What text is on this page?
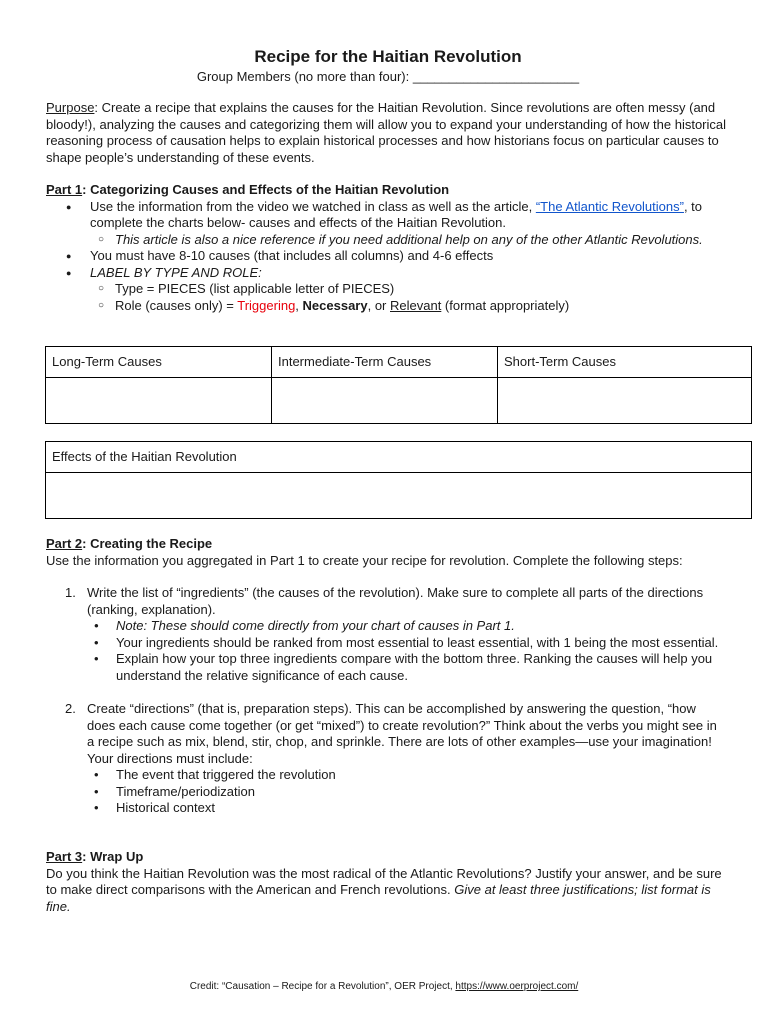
Recipe for the Haitian Revolution
Group Members (no more than four): _______________________
Purpose: Create a recipe that explains the causes for the Haitian Revolution. Since revolutions are often messy (and bloody!), analyzing the causes and categorizing them will allow you to expand your understanding of how the historical reasoning process of causation helps to explain historical processes and how historians focus on particular causes to shape people’s understanding of these events.
Part 1: Categorizing Causes and Effects of the Haitian Revolution
● Use the information from the video we watched in class as well as the article, “The Atlantic Revolutions”, to complete the charts below- causes and effects of the Haitian Revolution.
○ This article is also a nice reference if you need additional help on any of the other Atlantic Revolutions.
● You must have 8-10 causes (that includes all columns) and 4-6 effects
● LABEL BY TYPE AND ROLE:
○ Type = PIECES (list applicable letter of PIECES)
○ Role (causes only) = Triggering, Necessary, or Relevant (format appropriately)
Long-Term Causes	Intermediate-Term Causes	Short-Term Causes

Effects of the Haitian Revolution

Part 2: Creating the Recipe
Use the information you aggregated in Part 1 to create your recipe for revolution. Complete the following steps:
1. Write the list of “ingredients” (the causes of the revolution). Make sure to complete all parts of the directions (ranking, explanation).
• Note: These should come directly from your chart of causes in Part 1.
• Your ingredients should be ranked from most essential to least essential, with 1 being the most essential.
• Explain how your top three ingredients compare with the bottom three. Ranking the causes will help you understand the relative significance of each cause.
2. Create “directions” (that is, preparation steps). This can be accomplished by answering the question, “how does each cause come together (or get “mixed”) to create revolution?” Think about the verbs you might see in a recipe such as mix, blend, stir, chop, and sprinkle. There are lots of other examples—use your imagination! Your directions must include:
• The event that triggered the revolution
• Timeframe/periodization
• Historical context
Part 3: Wrap Up
Do you think the Haitian Revolution was the most radical of the Atlantic Revolutions? Justify your answer, and be sure to make direct comparisons with the American and French revolutions. Give at least three justifications; list format is fine.
Credit: “Causation – Recipe for a Revolution”, OER Project, https://www.oerproject.com/
